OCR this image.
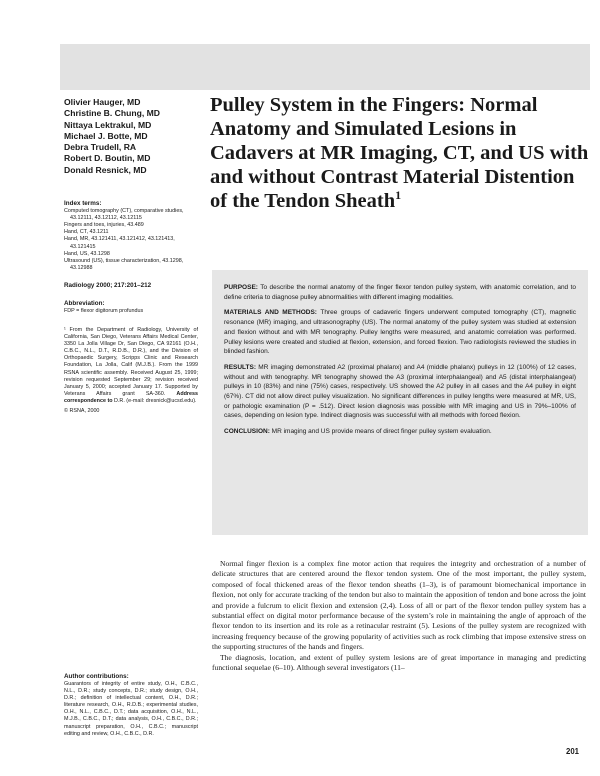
Olivier Hauger, MD
Christine B. Chung, MD
Nittaya Lektrakul, MD
Michael J. Botte, MD
Debra Trudell, RA
Robert D. Boutin, MD
Donald Resnick, MD
Index terms:
Computed tomography (CT), comparative studies, 43.12111, 43.12112, 43.12115
Fingers and toes, injuries, 43.489
Hand, CT, 43.1211
Hand, MR, 43.121411, 43.121412, 43.121413, 43.121415
Hand, US, 43.1298
Ultrasound (US), tissue characterization, 43.1298, 43.12988
Radiology 2000; 217:201–212
Abbreviation:
FDP = flexor digitorum profundus
¹ From the Department of Radiology, University of California, San Diego, Veterans Affairs Medical Center, 3350 La Jolla Village Dr, San Diego, CA 92161 (O.H., C.B.C., N.L., D.T., R.D.B., D.R.), and the Division of Orthopaedic Surgery, Scripps Clinic and Research Foundation, La Jolla, Calif (M.J.B.). From the 1999 RSNA scientific assembly. Received August 25, 1999; revision requested September 29; revision received January 5, 2000; accepted January 17. Supported by Veterans Affairs grant SA-360. Address correspondence to D.R. (e-mail: dresnick@ucsd.edu).
© RSNA, 2000
Author contributions:
Guarantors of integrity of entire study, O.H., C.B.C., N.L., D.R.; study concepts, D.R.; study design, O.H., D.R.; definition of intellectual content, O.H., D.R.; literature research, O.H., R.D.B.; experimental studies, O.H., N.L., C.B.C., D.T.; data acquisition, O.H., N.L., M.J.B., C.B.C., D.T.; data analysis, O.H., C.B.C., D.R.; manuscript preparation, O.H., C.B.C.; manuscript editing and review, O.H., C.B.C., D.R.
Pulley System in the Fingers: Normal Anatomy and Simulated Lesions in Cadavers at MR Imaging, CT, and US with and without Contrast Material Distention of the Tendon Sheath$^1$
PURPOSE: To describe the normal anatomy of the finger flexor tendon pulley system, with anatomic correlation, and to define criteria to diagnose pulley abnormalities with different imaging modalities.
MATERIALS AND METHODS: Three groups of cadaveric fingers underwent computed tomography (CT), magnetic resonance (MR) imaging, and ultrasonography (US). The normal anatomy of the pulley system was studied at extension and flexion without and with MR tenography. Pulley lengths were measured, and anatomic correlation was performed. Pulley lesions were created and studied at flexion, extension, and forced flexion. Two radiologists reviewed the studies in blinded fashion.
RESULTS: MR imaging demonstrated A2 (proximal phalanx) and A4 (middle phalanx) pulleys in 12 (100%) of 12 cases, without and with tenography. MR tenography showed the A3 (proximal interphalangeal) and A5 (distal interphalangeal) pulleys in 10 (83%) and nine (75%) cases, respectively. US showed the A2 pulley in all cases and the A4 pulley in eight (67%). CT did not allow direct pulley visualization. No significant differences in pulley lengths were measured at MR, US, or pathologic examination (P = .512). Direct lesion diagnosis was possible with MR imaging and US in 79%–100% of cases, depending on lesion type. Indirect diagnosis was successful with all methods with forced flexion.
CONCLUSION: MR imaging and US provide means of direct finger pulley system evaluation.

Normal finger flexion is a complex fine motor action that requires the integrity and orchestration of a number of delicate structures that are centered around the flexor tendon system. One of the most important, the pulley system, composed of focal thickened areas of the flexor tendon sheaths (1–3), is of paramount biomechanical importance in flexion, not only for accurate tracking of the tendon but also to maintain the apposition of tendon and bone across the joint and provide a fulcrum to elicit flexion and extension (2,4). Loss of all or part of the flexor tendon pulley system has a substantial effect on digital motor performance because of the system’s role in maintaining the angle of approach of the flexor tendon to its insertion and its role as a retinacular restraint (5). Lesions of the pulley system are recognized with increasing frequency because of the growing popularity of activities such as rock climbing that impose extensive stress on the supporting structures of the hands and fingers.

The diagnosis, location, and extent of pulley system lesions are of great importance in managing and predicting functional sequelae (6–10). Although several investigators (11–

201
